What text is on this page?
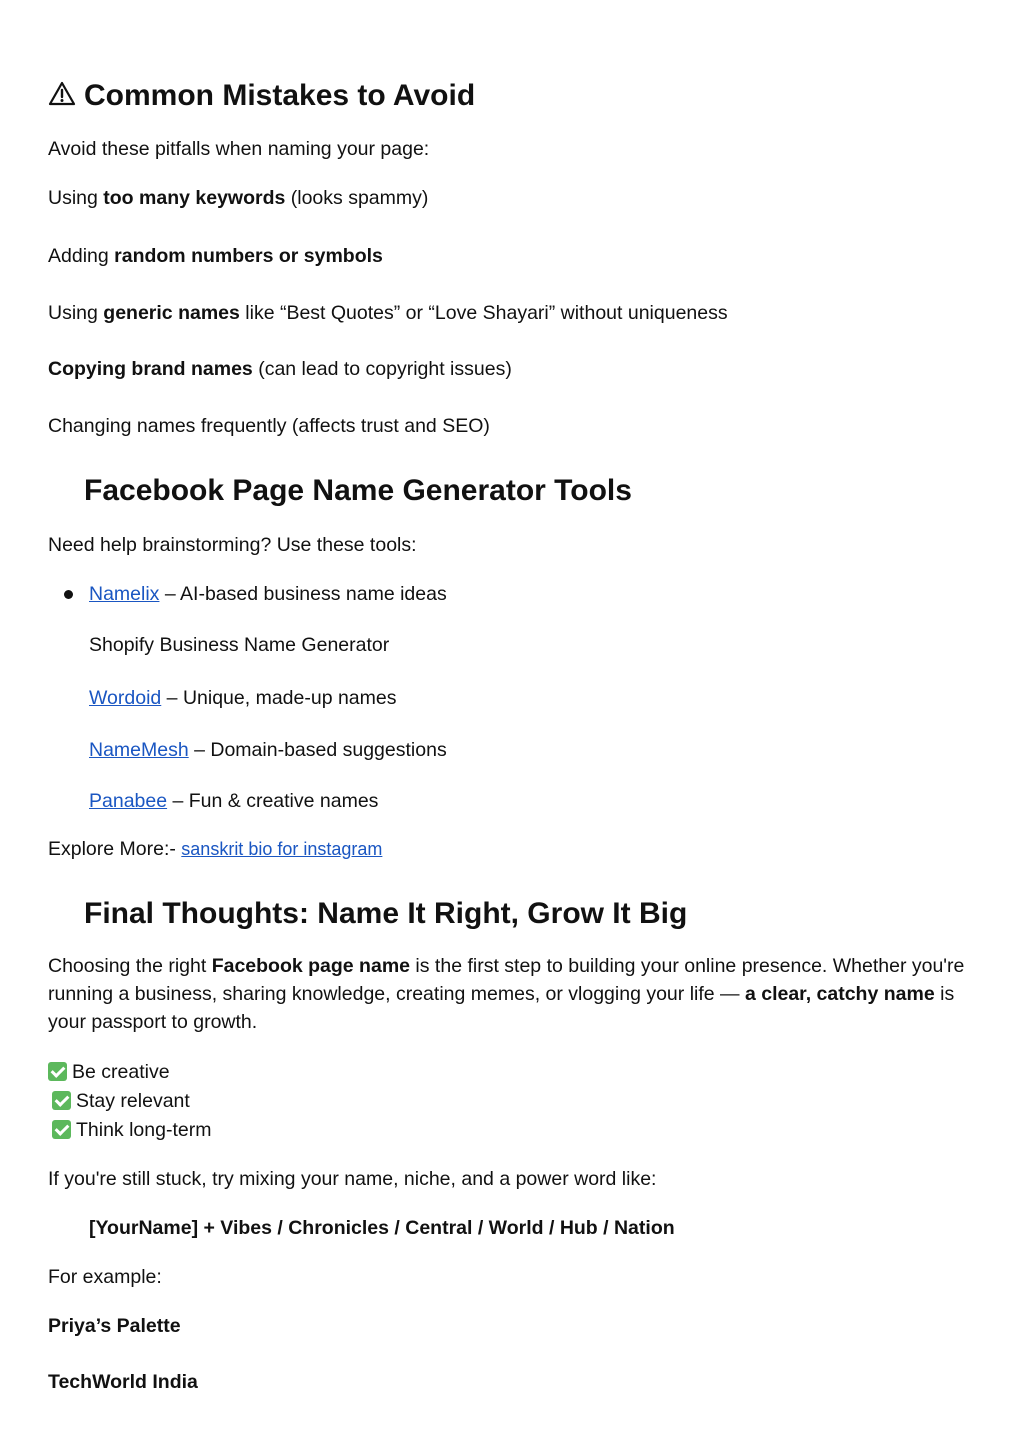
Common Mistakes to Avoid
Avoid these pitfalls when naming your page:
Using too many keywords (looks spammy)
Adding random numbers or symbols
Using generic names like “Best Quotes” or “Love Shayari” without uniqueness
Copying brand names (can lead to copyright issues)
Changing names frequently (affects trust and SEO)
Facebook Page Name Generator Tools
Need help brainstorming? Use these tools:
Namelix – AI-based business name ideas
Shopify Business Name Generator
Wordoid – Unique, made-up names
NameMesh – Domain-based suggestions
Panabee – Fun & creative names
Explore More:- sanskrit bio for instagram
Final Thoughts: Name It Right, Grow It Big
Choosing the right Facebook page name is the first step to building your online presence. Whether you're running a business, sharing knowledge, creating memes, or vlogging your life — a clear, catchy name is your passport to growth.
Be creative
Stay relevant
Think long-term
If you're still stuck, try mixing your name, niche, and a power word like:
[YourName] + Vibes / Chronicles / Central / World / Hub / Nation
For example:
Priya’s Palette
TechWorld India
